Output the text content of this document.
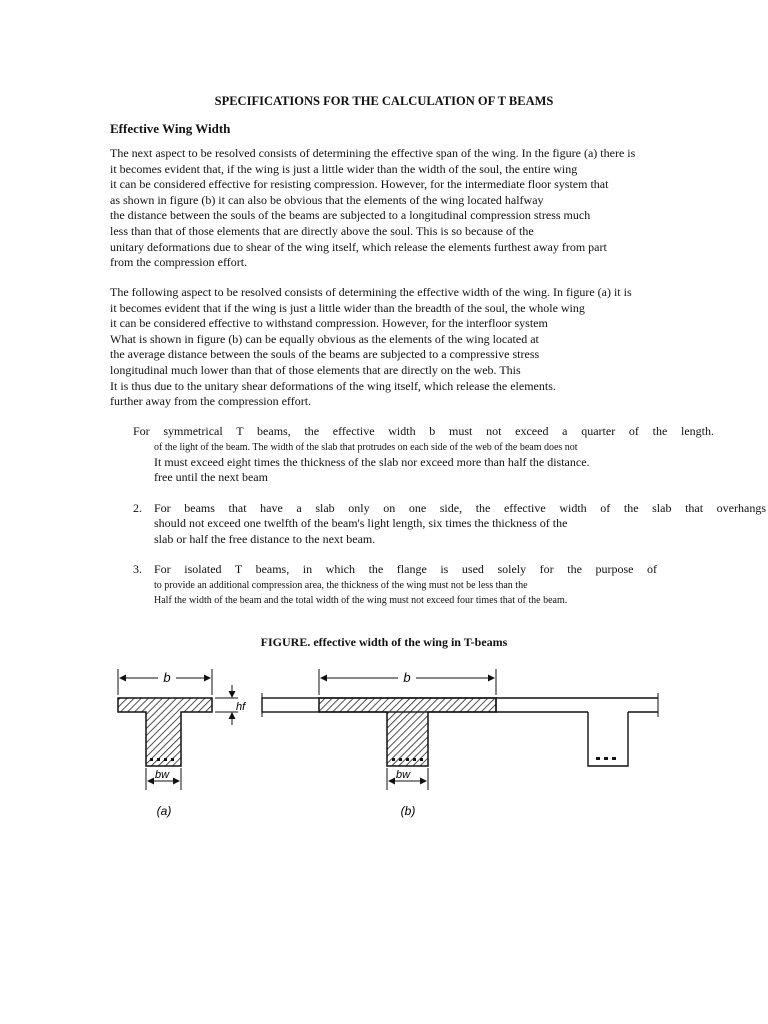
SPECIFICATIONS FOR THE CALCULATION OF T BEAMS
Effective Wing Width
The next aspect to be resolved consists of determining the effective span of the wing. In the figure (a) there is
it becomes evident that, if the wing is just a little wider than the width of the soul, the entire wing
it can be considered effective for resisting compression. However, for the intermediate floor system that
as shown in figure (b) it can also be obvious that the elements of the wing located halfway
the distance between the souls of the beams are subjected to a longitudinal compression stress much
less than that of those elements that are directly above the soul. This is so because of the
unitary deformations due to shear of the wing itself, which release the elements furthest away from part
from the compression effort.
The following aspect to be resolved consists of determining the effective width of the wing. In figure (a) it is
it becomes evident that if the wing is just a little wider than the breadth of the soul, the whole wing
it can be considered effective to withstand compression. However, for the interfloor system
What is shown in figure (b) can be equally obvious as the elements of the wing located at
the average distance between the souls of the beams are subjected to a compressive stress
longitudinal much lower than that of those elements that are directly on the web. This
It is thus due to the unitary shear deformations of the wing itself, which release the elements.
further away from the compression effort.
For symmetrical T beams, the effective width b must not exceed a quarter of the length.
of the light of the beam. The width of the slab that protrudes on each side of the web of the beam does not
It must exceed eight times the thickness of the slab nor exceed more than half the distance.
free until the next beam
2. For beams that have a slab only on one side, the effective width of the slab that overhangs
should not exceed one twelfth of the beam's light length, six times the thickness of the
slab or half the free distance to the next beam.
3. For isolated T beams, in which the flange is used solely for the purpose of
to provide an additional compression area, the thickness of the wing must not be less than the
Half the width of the beam and the total width of the wing must not exceed four times that of the beam.
FIGURE. effective width of the wing in T-beams
b
hf
bw
(a)
b
bw
(b)
